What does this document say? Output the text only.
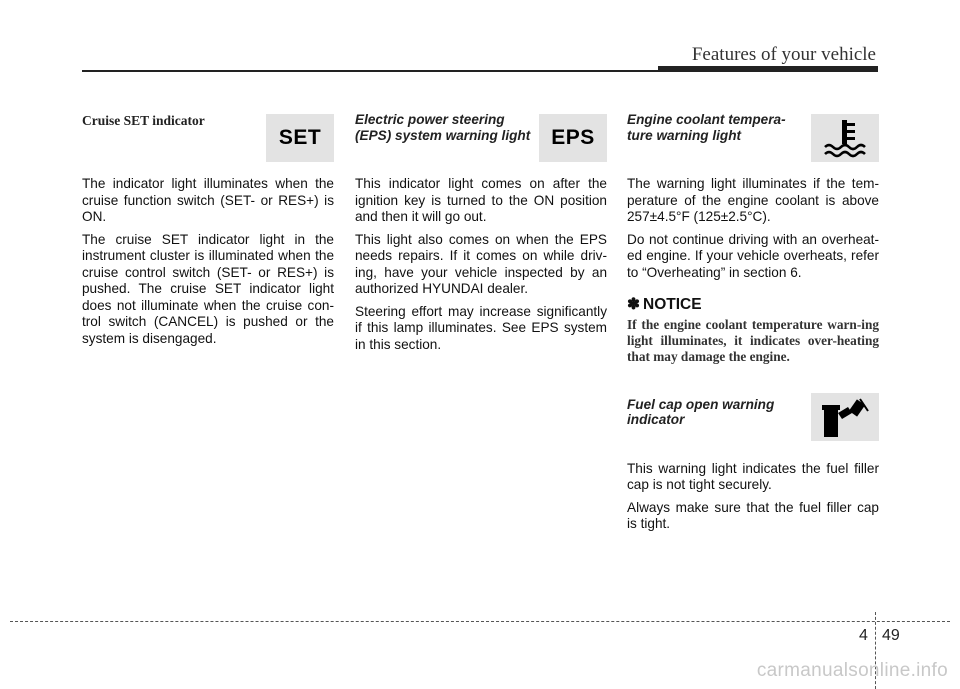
Features of your vehicle
Cruise SET indicator
SET

The indicator light illuminates when the cruise function switch (SET- or RES+) is ON.

The cruise SET indicator light in the instrument cluster is illuminated when the cruise control switch (SET- or RES+) is pushed. The cruise SET indicator light does not illuminate when the cruise con-trol switch (CANCEL) is pushed or the system is disengaged.

Electric power steering
(EPS) system warning light EPS

This indicator light comes on after the ignition key is turned to the ON position and then it will go out.

This light also comes on when the EPS needs repairs. If it comes on while driv-ing, have your vehicle inspected by an authorized HYUNDAI dealer.

Steering effort may increase significantly if this lamp illuminates. See EPS system in this section.

Engine coolant tempera-
ture warning light

The warning light illuminates if the tem-perature of the engine coolant is above 257±4.5°F (125±2.5°C).

Do not continue driving with an overheat-ed engine. If your vehicle overheats, refer to “Overheating” in section 6.

✽ NOTICE
If the engine coolant temperature warn-ing light illuminates, it indicates over-heating that may damage the engine.
Fuel cap open warning
indicator

This warning light indicates the fuel filler cap is not tight securely.

Always make sure that the fuel filler cap is tight.

4 49
carmanualsonline.info
